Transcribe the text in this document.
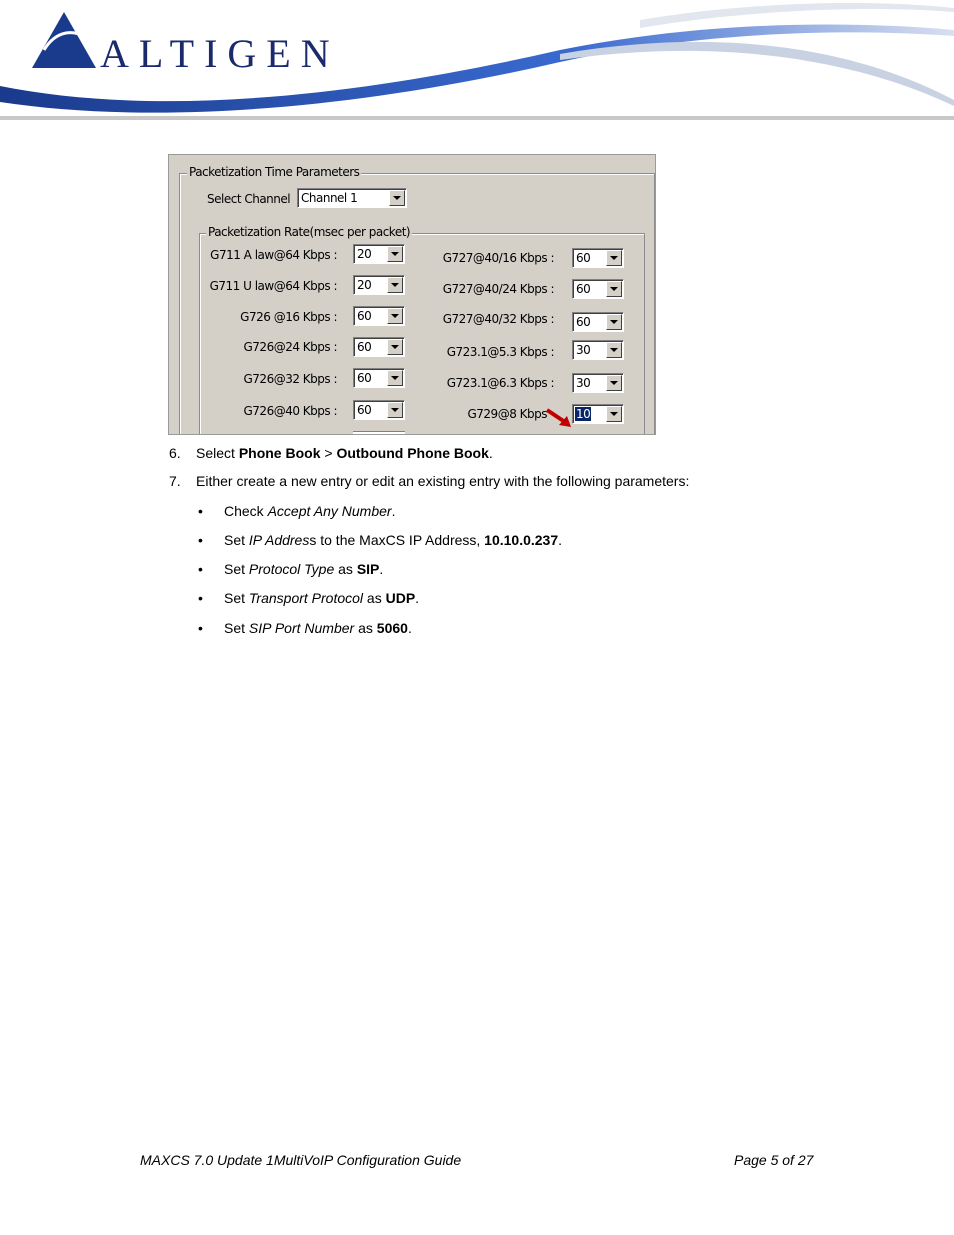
ALTIGEN
Packetization Time Parameters
Select Channel Channel 1
Packetization Rate(msec per packet)
G711 A law@64 Kbps : 20
G711 U law@64 Kbps : 20
G726 @16 Kbps : 60
G726@24 Kbps : 60
G726@32 Kbps : 60
G726@40 Kbps : 60
G727@40/16 Kbps : 60
G727@40/24 Kbps : 60
G727@40/32 Kbps : 60
G723.1@5.3 Kbps : 30
G723.1@6.3 Kbps : 30
G729@8 Kbps 10
6. Select Phone Book > Outbound Phone Book.
7. Either create a new entry or edit an existing entry with the following parameters:
• Check Accept Any Number.
• Set IP Address to the MaxCS IP Address, 10.10.0.237.
• Set Protocol Type as SIP.
• Set Transport Protocol as UDP.
• Set SIP Port Number as 5060.
MAXCS 7.0 Update 1MultiVoIP Configuration Guide	Page 5 of 27
